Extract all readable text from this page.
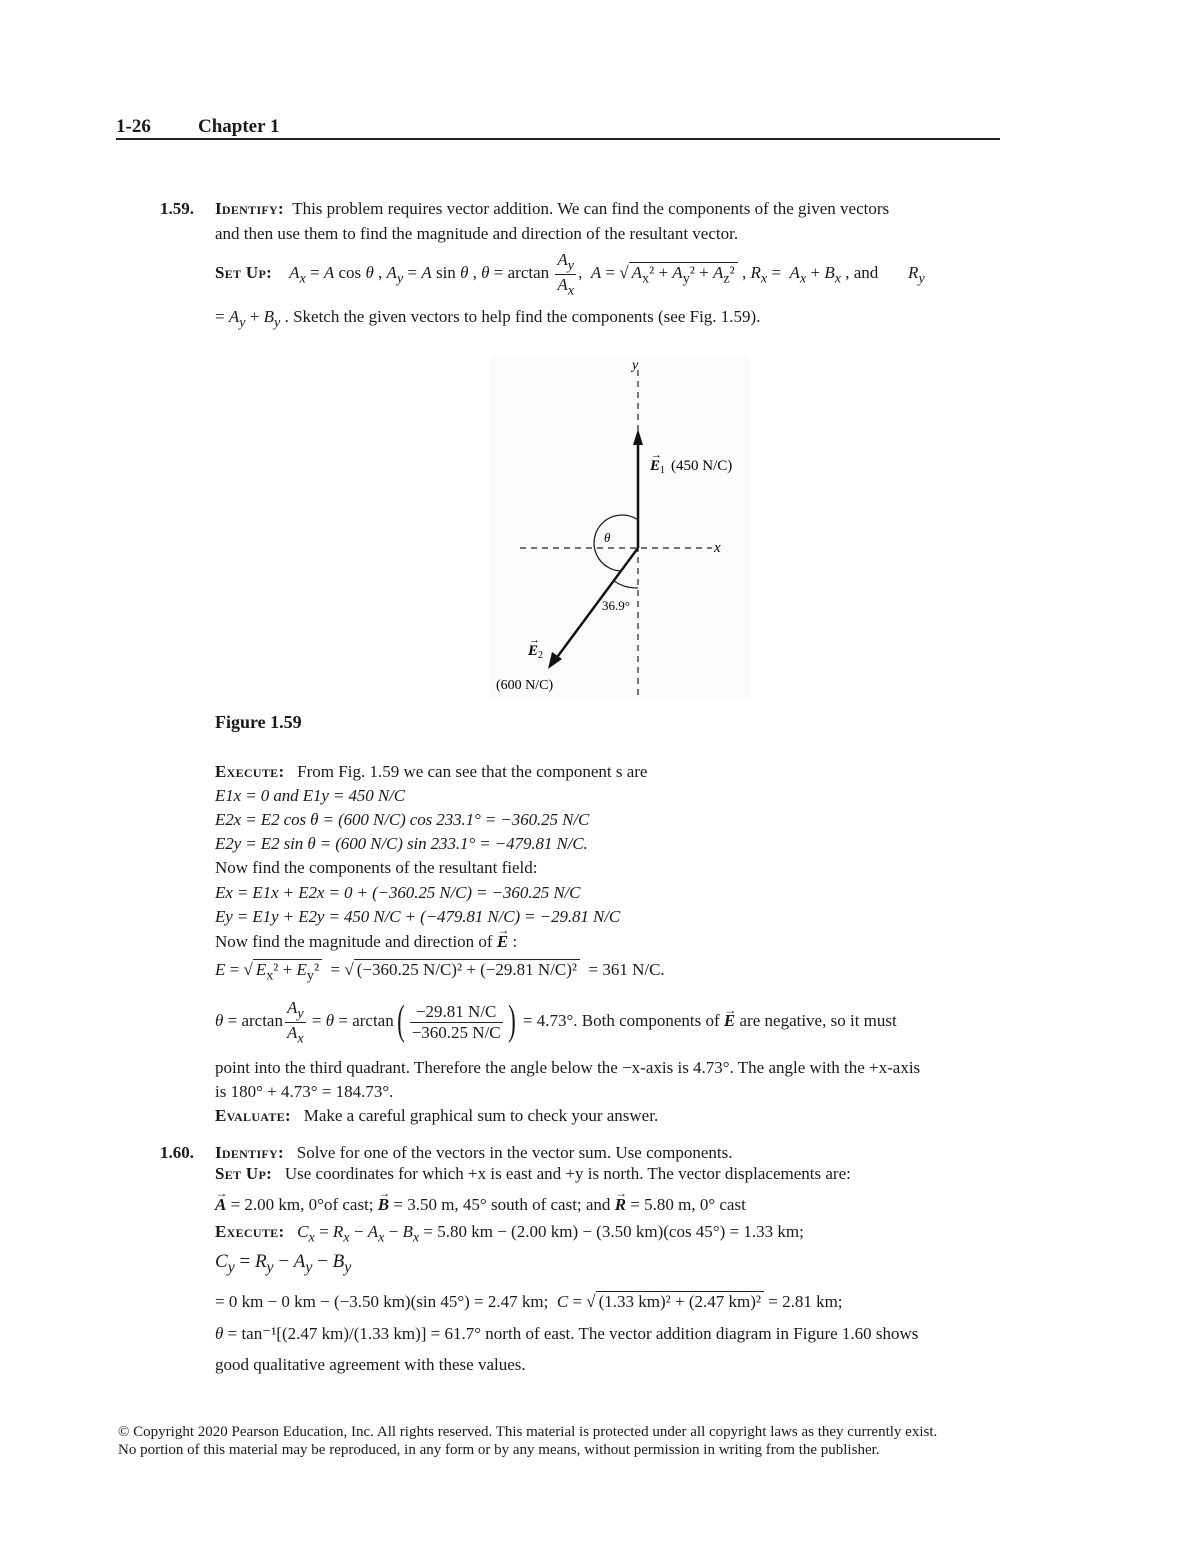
1-26 Chapter 1
1.59. Identify: This problem requires vector addition. We can find the components of the given vectors
and then use them to find the magnitude and direction of the resultant vector.
Set Up: $A_x = A$ cos θ , $A_y = A$ sin θ , $\theta = \arctan \frac{A_y}{A_x}$ ,  A = √ $A_x^2 + A_y^2 + A_z^2$ , $R_x = A_x + B_x$ , and       $R_y$
= $A_y + B_y$ . Sketch the given vectors to help find the components (see Fig. 1.59).
y
x
E
→
1 (450 N/C)
θ
36.9°
E
→
2
(600 N/C)
Figure 1.59
Execute: From Fig. 1.59 we can see that the component s are
E1x = 0 and E1y = 450 N/C
E2x = E2 cos θ = (600 N/C) cos 233.1° = −360.25 N/C
E2y = E2 sin θ = (600 N/C) sin 233.1° = −479.81 N/C.
Now find the components of the resultant field:
Ex = E1x + E2x = 0 + (−360.25 N/C) = −360.25 N/C
Ey = E1y + E2y = 450 N/C + (−479.81 N/C) = −29.81 N/C
Now find the magnitude and direction of → E :
E = √ $E_x^2 + E_y^2$  = √ (−360.25 N/C)² + (−29.81 N/C)² = 361 N/C.
$\theta = \arctan \frac{A_y}{A_x} = \theta = \arctan( \frac{-29.81 N/C}{-360.25 N/C}$ ) = 4.73°. Both components of → E are negative, so it must
point into the third quadrant. Therefore the angle below the −x-axis is 4.73°. The angle with the +x-axis
is 180° + 4.73° = 184.73°.
Evaluate: Make a careful graphical sum to check your answer.
1.60. Identify: Solve for one of the vectors in the vector sum. Use components.
Set Up: Use coordinates for which +x is east and +y is north. The vector displacements are:
→ A = 2.00 km, 0°of cast; → B = 3.50 m, 45° south of cast; and → R = 5.80 m, 0° cast
Execute: $C_x = R_x - A_x - B_x = 5.80$ km − (2.00 km) − (3.50 km)(cos 45°) = 1.33 km;
$C_y = R_y - A_y - B_y$
= 0 km − 0 km − (−3.50 km)(sin 45°) = 2.47 km; C = √ (1.33 km)² + (2.47 km)² = 2.81 km;
θ = tan⁻¹[(2.47 km)/(1.33 km)] = 61.7° north of east. The vector addition diagram in Figure 1.60 shows
good qualitative agreement with these values.
© Copyright 2020 Pearson Education, Inc. All rights reserved. This material is protected under all copyright laws as they currently exist.
No portion of this material may be reproduced, in any form or by any means, without permission in writing from the publisher.
